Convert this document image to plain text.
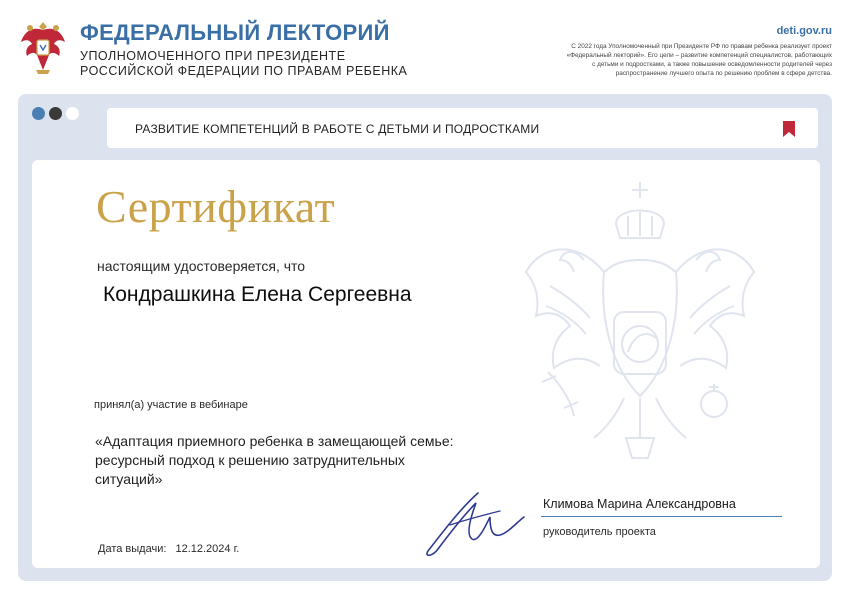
ФЕДЕРАЛЬНЫЙ ЛЕКТОРИЙ
УПОЛНОМОЧЕННОГО ПРИ ПРЕЗИДЕНТЕ
РОССИЙСКОЙ ФЕДЕРАЦИИ ПО ПРАВАМ РЕБЕНКА
deti.gov.ru
С 2022 года Уполномоченный при Президенте РФ по правам ребенка реализует проект
«Федеральный лекторий». Его цели – развитие компетенций специалистов, работающих
с детьми и подростками, а также повышение осведомленности родителей через
распространение лучшего опыта по решению проблем в сфере детства.
РАЗВИТИЕ КОМПЕТЕНЦИЙ В РАБОТЕ С ДЕТЬМИ И ПОДРОСТКАМИ
Сертификат
настоящим удостоверяется, что
Кондрашкина Елена Сергеевна
принял(а) участие в вебинаре
«Адаптация приемного ребенка в замещающей семье: ресурсный подход к решению затруднительных ситуаций»
Дата выдачи: 12.12.2024 г.
Климова Марина Александровна
руководитель проекта
